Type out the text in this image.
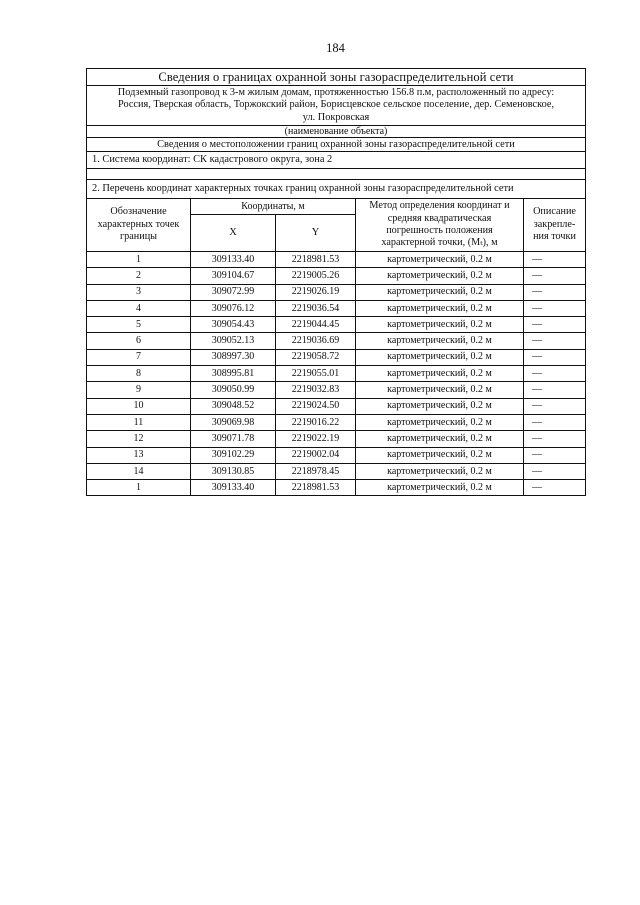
184
Сведения о границах охранной зоны газораспределительной сети				
Подземный газопровод к 3-м жилым домам, протяженностью 156.8 п.м, расположенный по адресу:
Россия, Тверская область, Торжокский район, Борисцевское сельское поселение, дер. Семеновское,
ул. Покровская				
(наименование объекта)				
Сведения о местоположении границ охранной зоны газораспределительной сети				
1. Система координат: СК кадастрового округа, зона 2				

2. Перечень координат характерных точках границ охранной зоны газораспределительной сети				
Обозначение
характерных точек
границы	Координаты, м		Метод определения координат и
средняя квадратическая
погрешность положения
характерной точки, (Mₜ), м	Описание
закрепле-
ния точки
	X	Y		
1	309133.40	2218981.53	картометрический, 0.2 м	—
2	309104.67	2219005.26	картометрический, 0.2 м	—
3	309072.99	2219026.19	картометрический, 0.2 м	—
4	309076.12	2219036.54	картометрический, 0.2 м	—
5	309054.43	2219044.45	картометрический, 0.2 м	—
6	309052.13	2219036.69	картометрический, 0.2 м	—
7	308997.30	2219058.72	картометрический, 0.2 м	—
8	308995.81	2219055.01	картометрический, 0.2 м	—
9	309050.99	2219032.83	картометрический, 0.2 м	—
10	309048.52	2219024.50	картометрический, 0.2 м	—
11	309069.98	2219016.22	картометрический, 0.2 м	—
12	309071.78	2219022.19	картометрический, 0.2 м	—
13	309102.29	2219002.04	картометрический, 0.2 м	—
14	309130.85	2218978.45	картометрический, 0.2 м	—
1	309133.40	2218981.53	картометрический, 0.2 м	—
